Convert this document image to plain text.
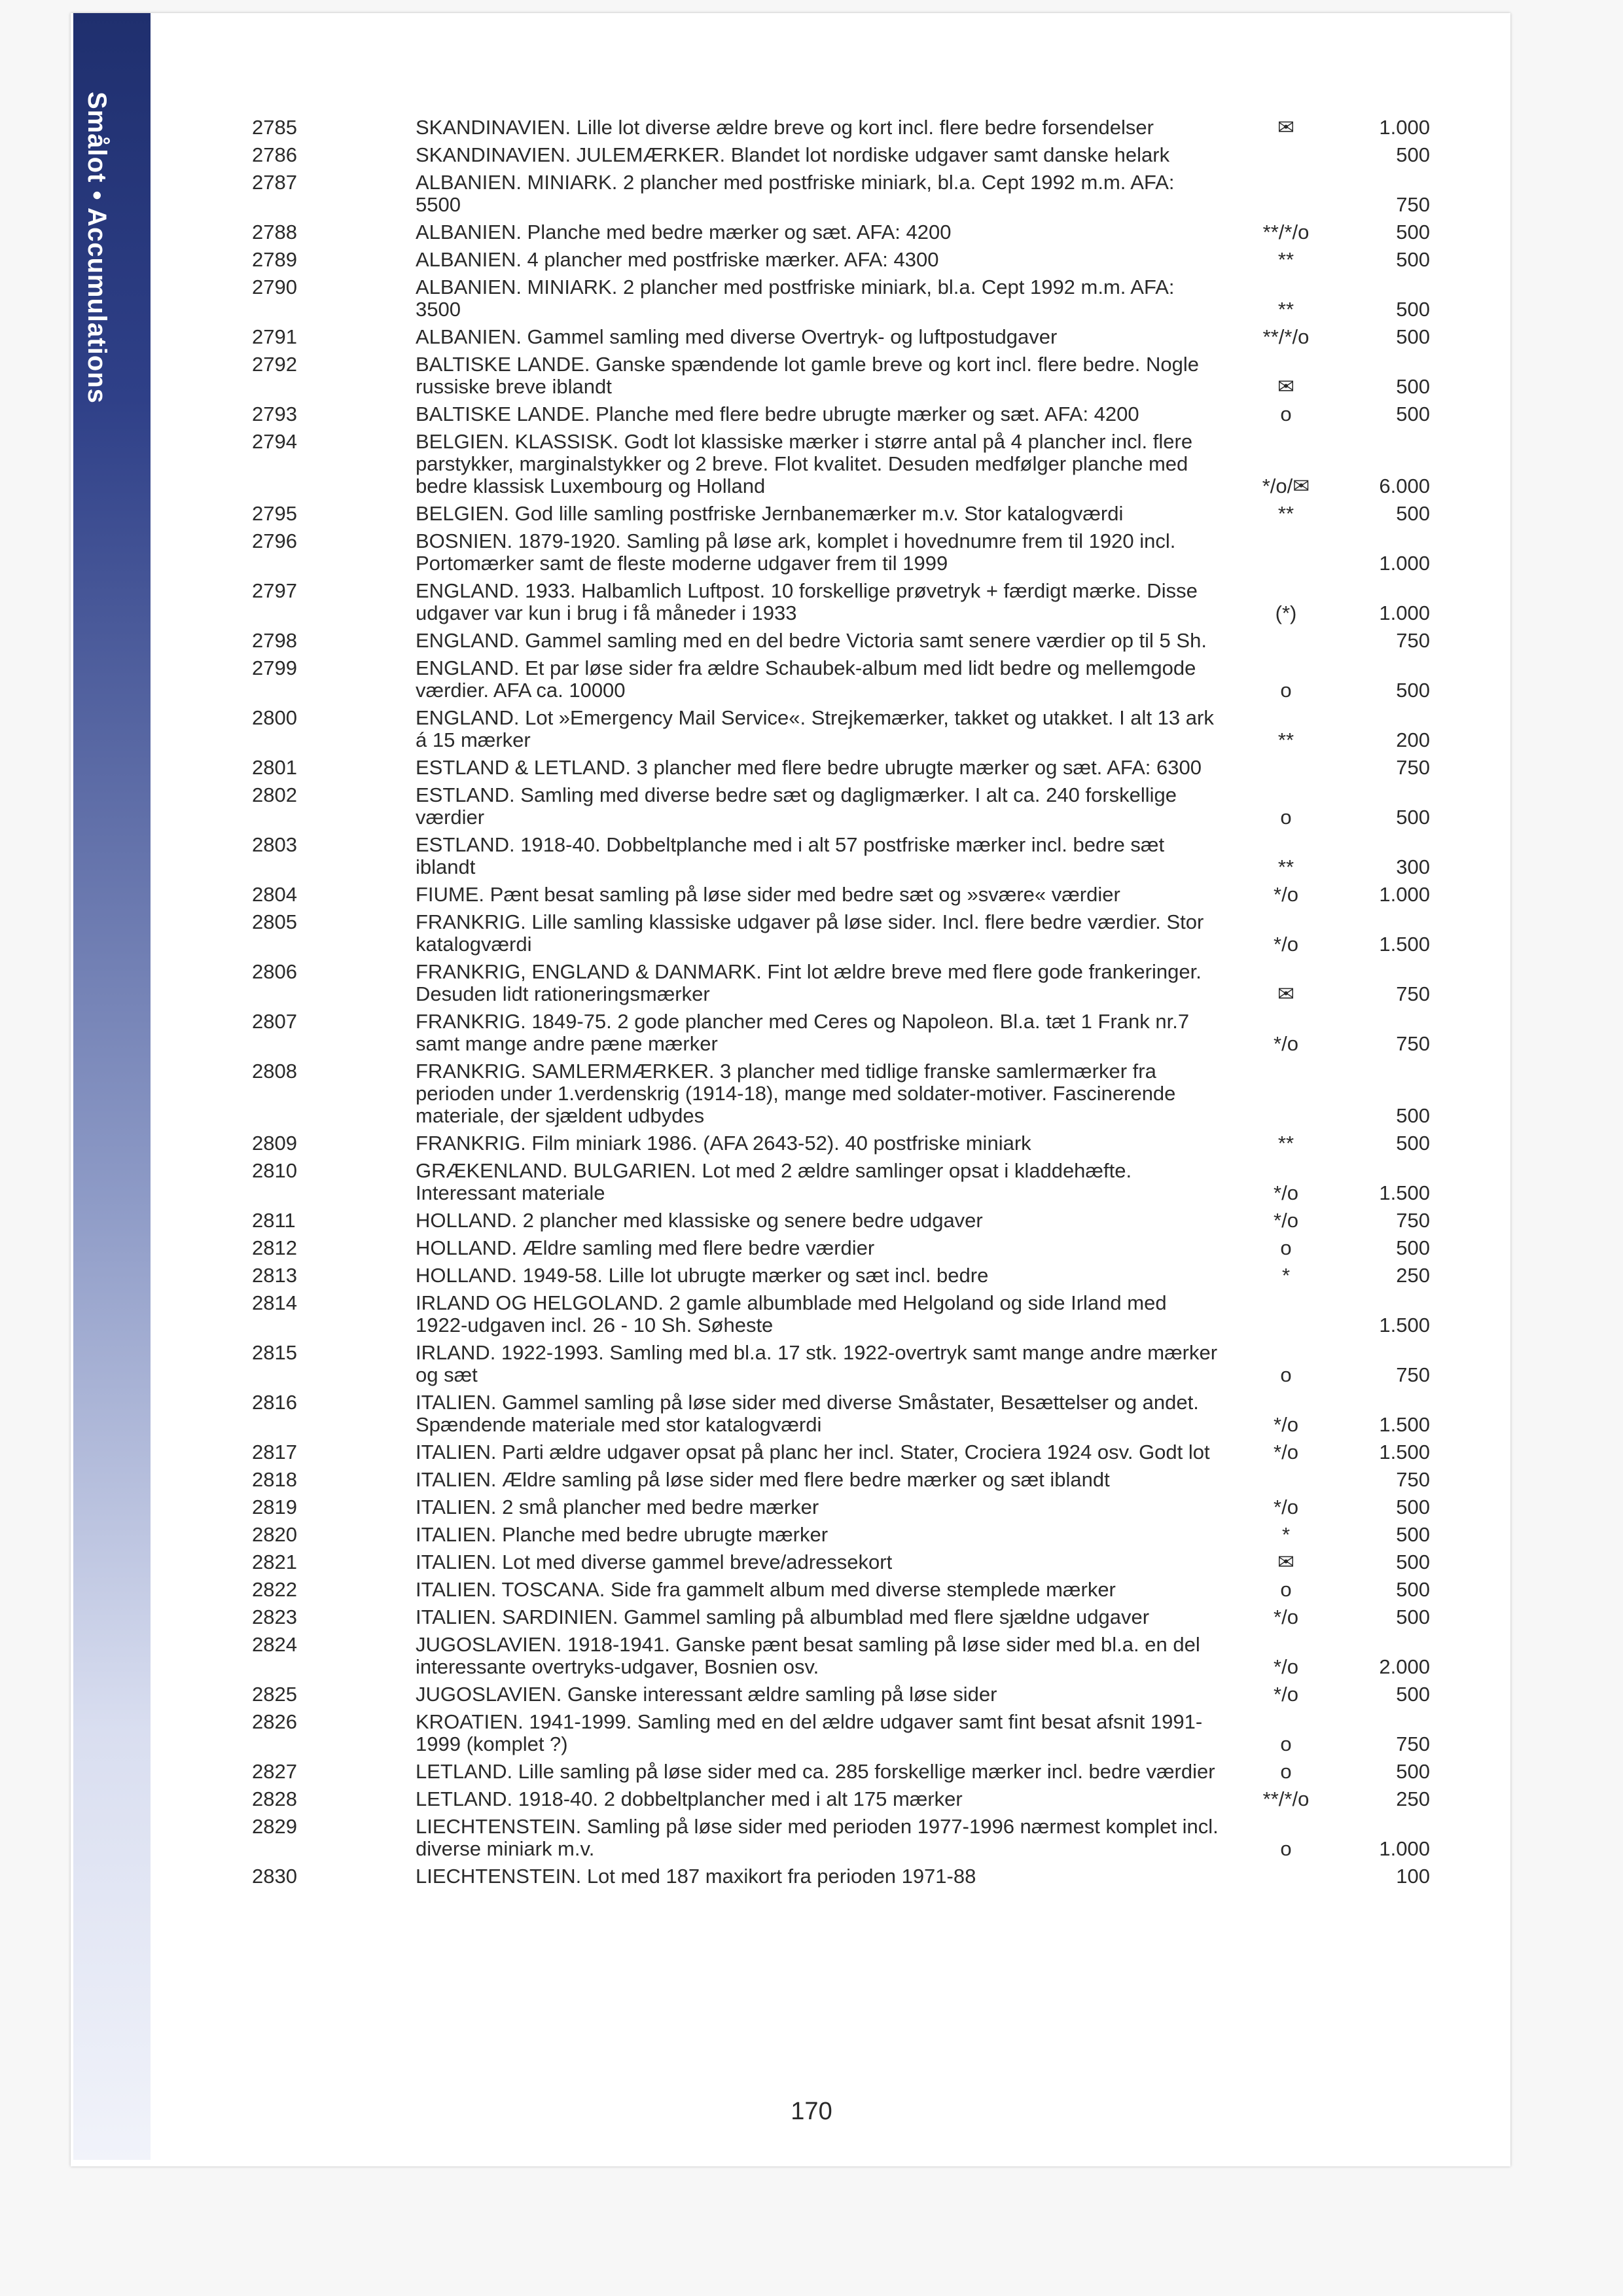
Smålot • Accumulations	2785	SKANDINAVIEN. Lille lot diverse ældre breve og kort incl. flere bedre forsendelser	✉	1.000
2786	SKANDINAVIEN. JULEMÆRKER. Blandet lot nordiske udgaver samt danske helark	500
2787	ALBANIEN. MINIARK. 2 plancher med postfriske miniark, bl.a. Cept 1992 m.m. AFA: 5500	750
2788	ALBANIEN. Planche med bedre mærker og sæt. AFA: 4200	**/*/o	500
2789	ALBANIEN. 4 plancher med postfriske mærker. AFA: 4300	**	500
2790	ALBANIEN. MINIARK. 2 plancher med postfriske miniark, bl.a. Cept 1992 m.m. AFA: 3500	**	500
2791	ALBANIEN. Gammel samling med diverse Overtryk- og luftpostudgaver	**/*/o	500
2792	BALTISKE LANDE. Ganske spændende lot gamle breve og kort incl. flere bedre. Nogle russiske breve iblandt	✉	500
2793	BALTISKE LANDE. Planche med flere bedre ubrugte mærker og sæt. AFA: 4200	o	500
2794	BELGIEN. KLASSISK. Godt lot klassiske mærker i større antal på 4 plancher incl. flere parstykker, marginalstykker og 2 breve. Flot kvalitet. Desuden medfølger planche med bedre klassisk Luxembourg og Holland	*/o/✉	6.000
2795	BELGIEN. God lille samling postfriske Jernbanemærker m.v. Stor katalogværdi	**	500
2796	BOSNIEN. 1879-1920. Samling på løse ark, komplet i hovednumre frem til 1920 incl. Portomærker samt de fleste moderne udgaver frem til 1999	1.000
2797	ENGLAND. 1933. Halbamlich Luftpost. 10 forskellige prøvetryk + færdigt mærke. Disse udgaver var kun i brug i få måneder i 1933	(*)	1.000
2798	ENGLAND. Gammel samling med en del bedre Victoria samt senere værdier op til 5 Sh.	750
2799	ENGLAND. Et par løse sider fra ældre Schaubek-album med lidt bedre og mellemgode værdier. AFA ca. 10000	o	500
2800	ENGLAND. Lot »Emergency Mail Service«. Strejkemærker, takket og utakket. I alt 13 ark á 15 mærker	**	200
2801	ESTLAND & LETLAND. 3 plancher med flere bedre ubrugte mærker og sæt. AFA: 6300	750
2802	ESTLAND. Samling med diverse bedre sæt og dagligmærker. I alt ca. 240 forskellige værdier	o	500
2803	ESTLAND. 1918-40. Dobbeltplanche med i alt 57 postfriske mærker incl. bedre sæt iblandt	**	300
2804	FIUME. Pænt besat samling på løse sider med bedre sæt og »svære« værdier	*/o	1.000
2805	FRANKRIG. Lille samling klassiske udgaver på løse sider. Incl. flere bedre værdier. Stor katalogværdi	*/o	1.500
2806	FRANKRIG, ENGLAND & DANMARK. Fint lot ældre breve med flere gode frankeringer. Desuden lidt rationeringsmærker	✉	750
2807	FRANKRIG. 1849-75. 2 gode plancher med Ceres og Napoleon. Bl.a. tæt 1 Frank nr.7 samt mange andre pæne mærker	*/o	750
2808	FRANKRIG. SAMLERMÆRKER. 3 plancher med tidlige franske samlermærker fra perioden under 1.verdenskrig (1914-18), mange med soldater-motiver. Fascinerende materiale, der sjældent udbydes	500
2809	FRANKRIG. Film miniark 1986. (AFA 2643-52). 40 postfriske miniark	**	500
2810	GRÆKENLAND. BULGARIEN. Lot med 2 ældre samlinger opsat i kladdehæfte. Interessant materiale	*/o	1.500
2811	HOLLAND. 2 plancher med klassiske og senere bedre udgaver	*/o	750
2812	HOLLAND. Ældre samling med flere bedre værdier	o	500
2813	HOLLAND. 1949-58. Lille lot ubrugte mærker og sæt incl. bedre	*	250
2814	IRLAND OG HELGOLAND. 2 gamle albumblade med Helgoland og side Irland med 1922-udgaven incl. 26 - 10 Sh. Søheste	1.500
2815	IRLAND. 1922-1993. Samling med bl.a. 17 stk. 1922-overtryk samt mange andre mærker og sæt	o	750
2816	ITALIEN. Gammel samling på løse sider med diverse Småstater, Besættelser og andet. Spændende materiale med stor katalogværdi	*/o	1.500
2817	ITALIEN. Parti ældre udgaver opsat på planc her incl. Stater, Crociera 1924 osv. Godt lot	*/o	1.500
2818	ITALIEN. Ældre samling på løse sider med flere bedre mærker og sæt iblandt	750
2819	ITALIEN. 2 små plancher med bedre mærker	*/o	500
2820	ITALIEN. Planche med bedre ubrugte mærker	*	500
2821	ITALIEN. Lot med diverse gammel breve/adressekort	✉	500
2822	ITALIEN. TOSCANA. Side fra gammelt album med diverse stemplede mærker	o	500
2823	ITALIEN. SARDINIEN. Gammel samling på albumblad med flere sjældne udgaver	*/o	500
2824	JUGOSLAVIEN. 1918-1941. Ganske pænt besat samling på løse sider med bl.a. en del interessante overtryks-udgaver, Bosnien osv.	*/o	2.000
2825	JUGOSLAVIEN. Ganske interessant ældre samling på løse sider	*/o	500
2826	KROATIEN. 1941-1999. Samling med en del ældre udgaver samt fint besat afsnit 1991-1999 (komplet ?)	o	750
2827	LETLAND. Lille samling på løse sider med ca. 285 forskellige mærker incl. bedre værdier	o	500
2828	LETLAND. 1918-40. 2 dobbeltplancher med i alt 175 mærker	**/*/o	250
2829	LIECHTENSTEIN. Samling på løse sider med perioden 1977-1996 nærmest komplet incl. diverse miniark m.v.	o	1.000
2830	LIECHTENSTEIN. Lot med 187 maxikort fra perioden 1971-88	100
170
